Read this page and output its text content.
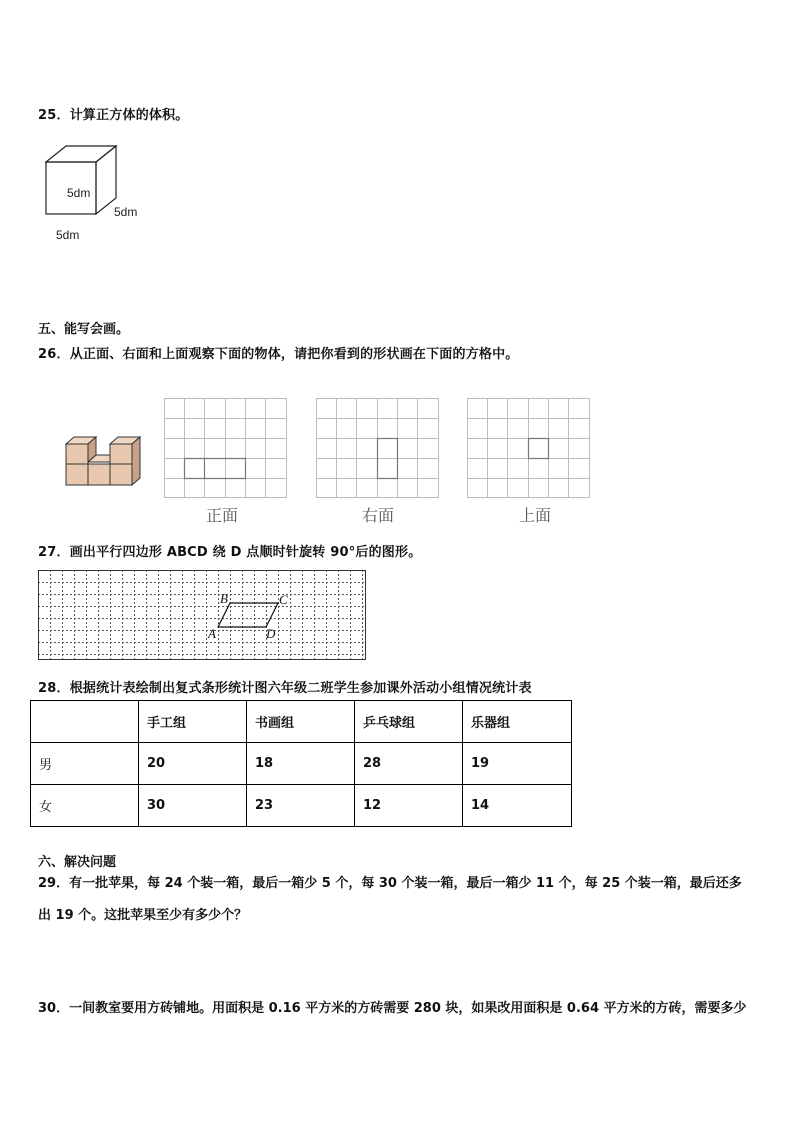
25．计算正方体的体积。
5dm
5dm
5dm
五、能写会画。
26．从正面、右面和上面观察下面的物体，请把你看到的形状画在下面的方格中。
正面	右面	上面
27．画出平行四边形 ABCD 绕 D 点顺时针旋转 90°后的图形。
A
B	C
D
28．根据统计表绘制出复式条形统计图六年级二班学生参加课外活动小组情况统计表
	手工组	书画组	乒乓球组	乐器组
男	20	18	28	19
女	30	23	12	14
六、解决问题
29．有一批苹果，每 24 个装一箱，最后一箱少 5 个，每 30 个装一箱，最后一箱少 11 个，每 25 个装一箱，最后还多
出 19 个。这批苹果至少有多少个？
30．一间教室要用方砖铺地。用面积是 0.16 平方米的方砖需要 280 块，如果改用面积是 0.64 平方米的方砖，需要多少
